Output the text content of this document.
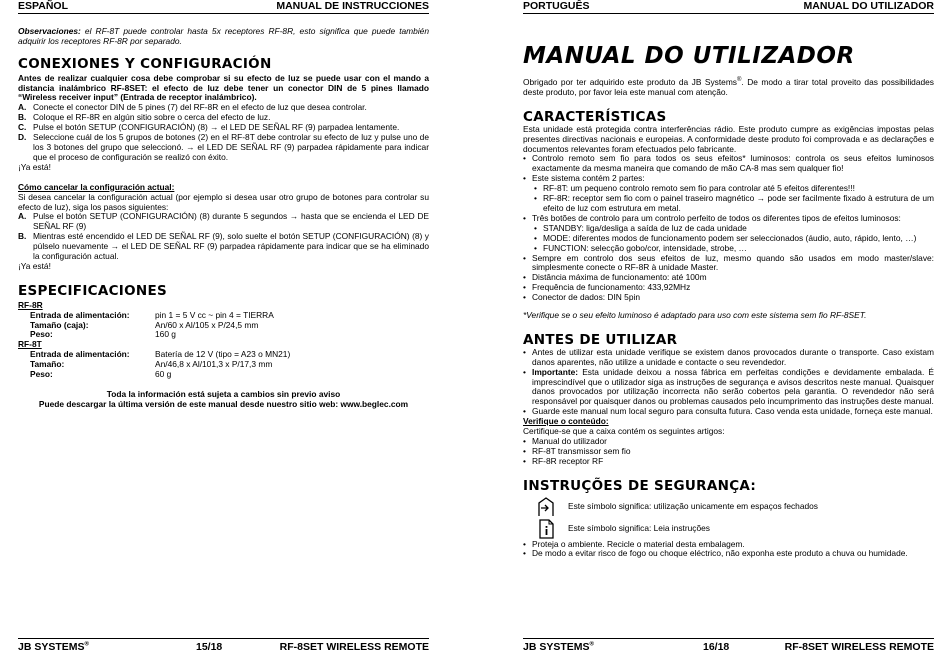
ESPAÑOL	MANUAL DE INSTRUCCIONES

Observaciones: el RF-8T puede controlar hasta 5x receptores RF-8R, esto significa que puede también adquirir los receptores RF-8R por separado.

CONEXIONES Y CONFIGURACIÓN

Antes de realizar cualquier cosa debe comprobar si su efecto de luz se puede usar con el mando a distancia inalámbrico RF-8SET: el efecto de luz debe tener un conector DIN de 5 pines llamado “Wireless receiver input” (Entrada de receptor inalámbrico).

A. Conecte el conector DIN de 5 pines (7) del RF-8R en el efecto de luz que desea controlar.
B. Coloque el RF-8R en algún sitio sobre o cerca del efecto de luz.
C. Pulse el botón SETUP (CONFIGURACIÓN) (8) → el LED DE SEÑAL RF (9) parpadea lentamente.
D. Seleccione cuál de los 5 grupos de botones (2) en el RF-8T debe controlar su efecto de luz y pulse uno de los 3 botones del grupo que seleccionó. → el LED DE SEÑAL RF (9) parpadea rápidamente para indicar que el proceso de configuración se realizó con éxito.

¡Ya está!

Cómo cancelar la configuración actual:

Si desea cancelar la configuración actual (por ejemplo si desea usar otro grupo de botones para controlar su efecto de luz), siga los pasos siguientes:

A. Pulse el botón SETUP (CONFIGURACIÓN) (8) durante 5 segundos → hasta que se encienda el LED DE SEÑAL RF (9)
B. Mientras esté encendido el LED DE SEÑAL RF (9), solo suelte el botón SETUP (CONFIGURACIÓN) (8) y púlselo nuevamente → el LED DE SEÑAL RF (9) parpadea rápidamente para indicar que se ha eliminado la configuración actual.

¡Ya está!

ESPECIFICACIONES

RF-8R

Entrada de alimentación:	pin 1 = 5 V cc ~ pin 4 = TIERRA
Tamaño (caja):	An/60 x Al/105 x P/24,5 mm
Peso:	160 g

RF-8T

Entrada de alimentación:	Batería de 12 V (tipo = A23 o MN21)
Tamaño:	An/46,8 x Al/101,3 x P/17,3 mm
Peso:	60 g

Toda la información está sujeta a cambios sin previo aviso

Puede descargar la última versión de este manual desde nuestro sitio web: www.beglec.com

JB SYSTEMS®	15/18	RF-8SET WIRELESS REMOTE
PORTUGUÊS	MANUAL DO UTILIZADOR
MANUAL DO UTILIZADOR

Obrigado por ter adquirido este produto da JB Systems®. De modo a tirar total proveito das possibilidades deste produto, por favor leia este manual com atenção.

CARACTERÍSTICAS

Esta unidade está protegida contra interferências rádio. Este produto cumpre as exigências impostas pelas presentes directivas nacionais e europeias. A conformidade deste produto foi comprovada e as declarações e documentos relevantes foram efectuados pelo fabricante.

• Controlo remoto sem fio para todos os seus efeitos* luminosos: controla os seus efeitos luminosos exactamente da mesma maneira que comando de mão CA-8 mas sem qualquer fio!
• Este sistema contém 2 partes:
• RF-8T: um pequeno controlo remoto sem fio para controlar até 5 efeitos diferentes!!!
• RF-8R: receptor sem fio com o painel traseiro magnético → pode ser facilmente fixado à estrutura de um efeito de luz com estrutura em metal.
• Três botões de controlo para um controlo perfeito de todos os diferentes tipos de efeitos luminosos:
• STANDBY: liga/desliga a saída de luz de cada unidade
• MODE: diferentes modos de funcionamento podem ser seleccionados (áudio, auto, rápido, lento, …)
• FUNCTION: selecção gobo/cor, intensidade, strobe, …
• Sempre em controlo dos seus efeitos de luz, mesmo quando são usados em modo master/slave: simplesmente conecte o RF-8R à unidade Master.
• Distância máxima de funcionamento: até 100m
• Frequência de funcionamento: 433,92MHz
• Conector de dados: DIN 5pin

*Verifique se o seu efeito luminoso é adaptado para uso com este sistema sem fio RF-8SET.

ANTES DE UTILIZAR
• Antes de utilizar esta unidade verifique se existem danos provocados durante o transporte. Caso existam danos aparentes, não utilize a unidade e contacte o seu revendedor.
• Importante: Esta unidade deixou a nossa fábrica em perfeitas condições e devidamente embalada. É imprescindível que o utilizador siga as instruções de segurança e avisos descritos neste manual. Quaisquer danos provocados por utilização incorrecta não serão cobertos pela garantia. O revendedor não será responsável por quaisquer danos ou problemas causados pelo incumprimento das instruções deste manual.
• Guarde este manual num local seguro para consulta futura. Caso venda esta unidade, forneça este manual.

Verifique o conteúdo:

Certifique-se que a caixa contém os seguintes artigos:

• Manual do utilizador
• RF-8T transmissor sem fio
• RF-8R receptor RF
INSTRUÇÕES DE SEGURANÇA:
Este símbolo significa: utilização unicamente em espaços fechados
Este símbolo significa: Leia instruções
• Proteja o ambiente. Recicle o material desta embalagem.
• De modo a evitar risco de fogo ou choque eléctrico, não exponha este produto a chuva ou humidade.
JB SYSTEMS®	16/18	RF-8SET WIRELESS REMOTE
